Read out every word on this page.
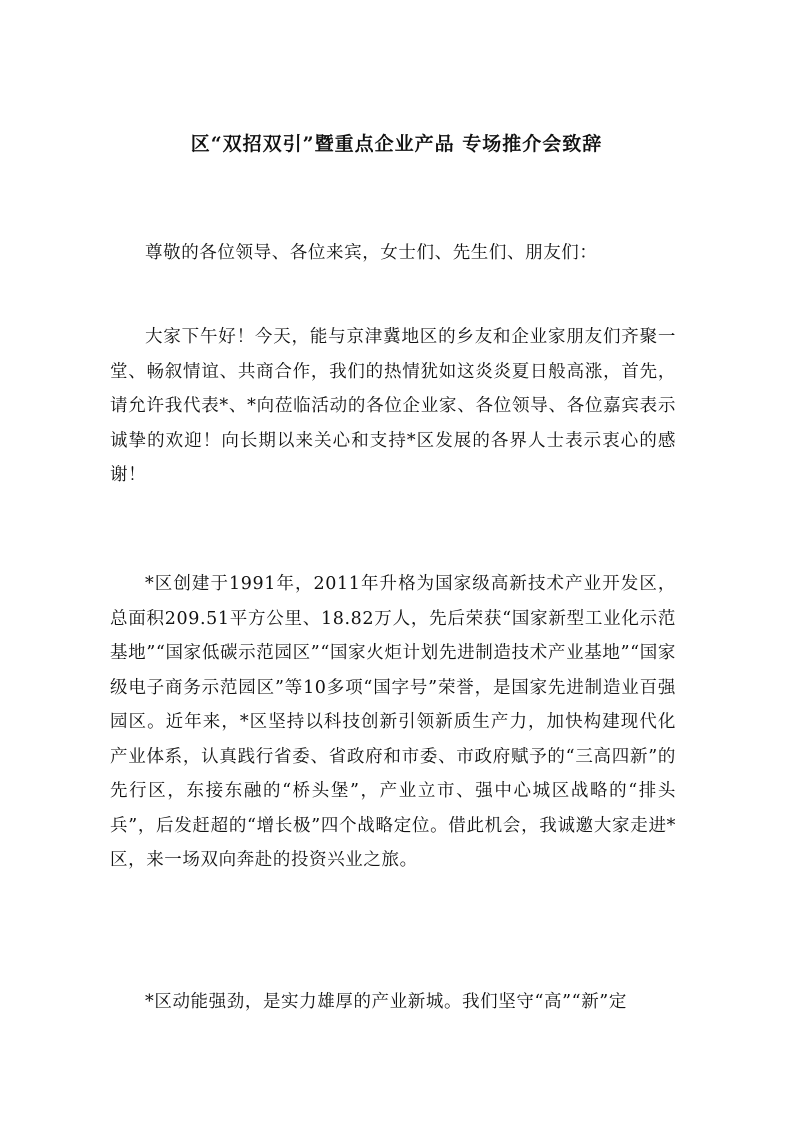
区“双招双引”暨重点企业产品 专场推介会致辞

尊敬的各位领导、各位来宾，女士们、先生们、朋友们：

大家下午好！今天，能与京津冀地区的乡友和企业家朋友们齐聚一堂、畅叙情谊、共商合作，我们的热情犹如这炎炎夏日般高涨，首先，请允许我代表*、*向莅临活动的各位企业家、各位领导、各位嘉宾表示诚挚的欢迎！向长期以来关心和支持*区发展的各界人士表示衷心的感谢！

*区创建于1991年，2011年升格为国家级高新技术产业开发区，总面积209.51平方公里、18.82万人，先后荣获“国家新型工业化示范基地”“国家低碳示范园区”“国家火炬计划先进制造技术产业基地”“国家级电子商务示范园区”等10多项“国字号”荣誉，是国家先进制造业百强园区。近年来，*区坚持以科技创新引领新质生产力，加快构建现代化产业体系，认真践行省委、省政府和市委、市政府赋予的“三高四新”的先行区，东接东融的“桥头堡”，产业立市、强中心城区战略的“排头兵”，后发赶超的“增长极”四个战略定位。借此机会，我诚邀大家走进*区，来一场双向奔赴的投资兴业之旅。

*区动能强劲，是实力雄厚的产业新城。我们坚守“高”“新”定
